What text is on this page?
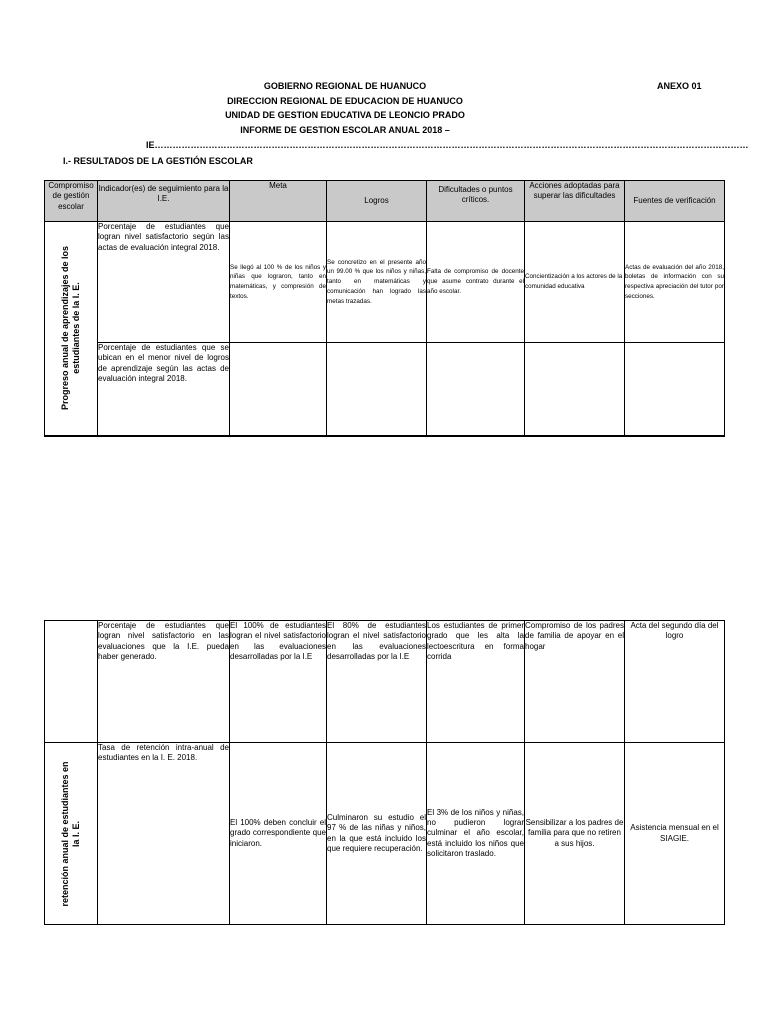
GOBIERNO REGIONAL DE HUANUCO
DIRECCION REGIONAL DE EDUCACION DE HUANUCO
UNIDAD DE GESTION EDUCATIVA DE LEONCIO PRADO
INFORME DE GESTION ESCOLAR ANUAL 2018 –
ANEXO 01
IE………………………………………………………………………………………………………………………………………………………………………………
I.- RESULTADOS DE LA GESTIÓN ESCOLAR
Compromiso de gestión escolar	Indicador(es) de seguimiento para la I.E.	Meta	Logros	Dificultades o puntos críticos.	Acciones adoptadas para superar las dificultades	Fuentes de verificación

Progreso anual de aprendizajes de los
estudiantes de la I. E.	Porcentaje de estudiantes que logran nivel satisfactorio según las actas de evaluación integral 2018.	Se llegó al 100 % de los niños y niñas que lograron, tanto en matemáticas, y compresión de textos.	Se concretizo en el presente año un 99.00 % que los niños y niñas, tanto en matemáticas y comunicación han logrado las metas trazadas.	Falta de compromiso de docente que asume contrato durante el año escolar.	Concientización a los actores de la comunidad educativa	Actas de evaluación del año 2018, boletas de información con su respectiva apreciación del tutor por secciones.
	Porcentaje de estudiantes que se ubican en el menor nivel de logros de aprendizaje según las actas de evaluación integral 2018.					
	Porcentaje de estudiantes que logran nivel satisfactorio en las evaluaciones que la I.E. pueda haber generado.	El 100% de estudiantes logran el nivel satisfactorio en las evaluaciones desarrolladas por la I.E	El 80% de estudiantes logran el nivel satisfactorio en las evaluaciones desarrolladas por la I.E	Los estudiantes de primer grado que les alta la lectoescritura en forma corrida	Compromiso de los padres de familia de apoyar en el hogar	Acta del segundo día del logro

retención anual de estudiantes en
la I. E.	Tasa de retención intra-anual de estudiantes en la I. E. 2018.	El 100% deben concluir el grado correspondiente que iniciaron.	Culminaron su estudio el 97 % de las niñas y niños, en la que está incluido los que requiere recuperación.	El 3% de los niños y niñas, no pudieron lograr culminar el año escolar, está incluido los niños que solicitaron traslado.	Sensibilizar a los padres de familia para que no retiren a sus hijos.	Asistencia mensual en el SIAGIE.
